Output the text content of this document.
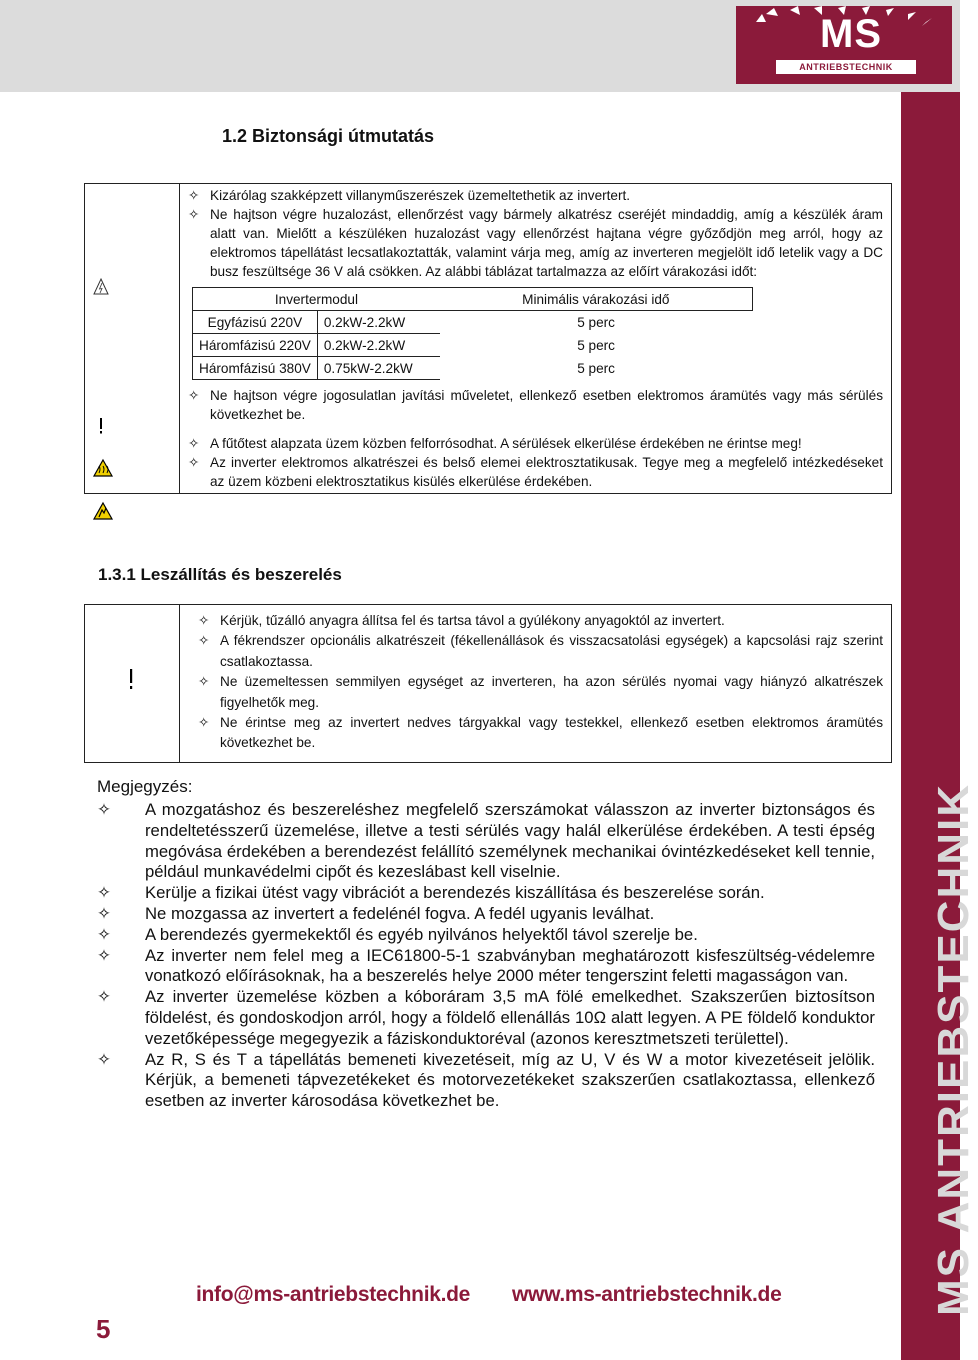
MS
ANTRIEBSTECHNIK
MS ANTRIEBSTECHNIK
1.2 Biztonsági útmutatás

✧ Kizárólag szakképzett villanyműszerészek üzemeltethetik az invertert.
✧ Ne hajtson végre huzalozást, ellenőrzést vagy bármely alkatrész cseréjét mindaddig, amíg a készülék áram alatt van. Mielőtt a készüléken huzalozást vagy ellenőrzést hajtana végre győződjön meg arról, hogy az elektromos tápellátást lecsatlakoztatták, valamint várja meg, amíg az inverteren megjelölt idő letelik vagy a DC busz feszültsége 36 V alá csökken. Az alábbi táblázat tartalmazza az előírt várakozási időt:
Invertermodul	Minimális várakozási idő
Egyfázisú 220V	0.2kW-2.2kW	5 perc
Háromfázisú 220V	0.2kW-2.2kW	5 perc
Háromfázisú 380V	0.75kW-2.2kW	5 perc
✧ Ne hajtson végre jogosulatlan javítási műveletet, ellenkező esetben elektromos áramütés vagy más sérülés következhet be.
✧ A fűtőtest alapzata üzem közben felforrósodhat. A sérülések elkerülése érdekében ne érintse meg!
✧ Az inverter elektromos alkatrészei és belső elemei elektrosztatikusak. Tegye meg a megfelelő intézkedéseket az üzem közbeni elektrosztatikus kisülés elkerülése érdekében.
1.3.1 Leszállítás és beszerelés

✧ Kérjük, tűzálló anyagra állítsa fel és tartsa távol a gyúlékony anyagoktól az invertert.
✧ A fékrendszer opcionális alkatrészeit (fékellenállások és visszacsatolási egységek) a kapcsolási rajz szerint csatlakoztassa.
✧ Ne üzemeltessen semmilyen egységet az inverteren, ha azon sérülés nyomai vagy hiányzó alkatrészek figyelhetők meg.
✧ Ne érintse meg az invertert nedves tárgyakkal vagy testekkel, ellenkező esetben elektromos áramütés következhet be.
Megjegyzés:
✧ A mozgatáshoz és beszereléshez megfelelő szerszámokat válasszon az inverter biztonságos és rendeltetésszerű üzemelése, illetve a testi sérülés vagy halál elkerülése érdekében. A testi épség megóvása érdekében a berendezést felállító személynek mechanikai óvintézkedéseket kell tennie, például munkavédelmi cipőt és kezeslábast kell viselnie.
✧ Kerülje a fizikai ütést vagy vibrációt a berendezés kiszállítása és beszerelése során.
✧ Ne mozgassa az invertert a fedelénél fogva. A fedél ugyanis leválhat.
✧ A berendezés gyermekektől és egyéb nyilvános helyektől távol szerelje be.
✧ Az inverter nem felel meg a IEC61800-5-1 szabványban meghatározott kisfeszültség-védelemre vonatkozó előírásoknak, ha a beszerelés helye 2000 méter tengerszint feletti magasságon van.
✧ Az inverter üzemelése közben a kóboráram 3,5 mA fölé emelkedhet. Szakszerűen biztosítson földelést, és gondoskodjon arról, hogy a földelő ellenállás 10Ω alatt legyen. A PE földelő konduktor vezetőképessége megegyezik a fáziskonduktoréval (azonos keresztmetszeti területtel).
✧ Az R, S és T a tápellátás bemeneti kivezetéseit, míg az U, V és W a motor kivezetéseit jelölik. Kérjük, a bemeneti tápvezetékeket és motorvezetékeket szakszerűen csatlakoztassa, ellenkező esetben az inverter károsodása következhet be.
info@ms-antriebstechnik.de www.ms-antriebstechnik.de
5
